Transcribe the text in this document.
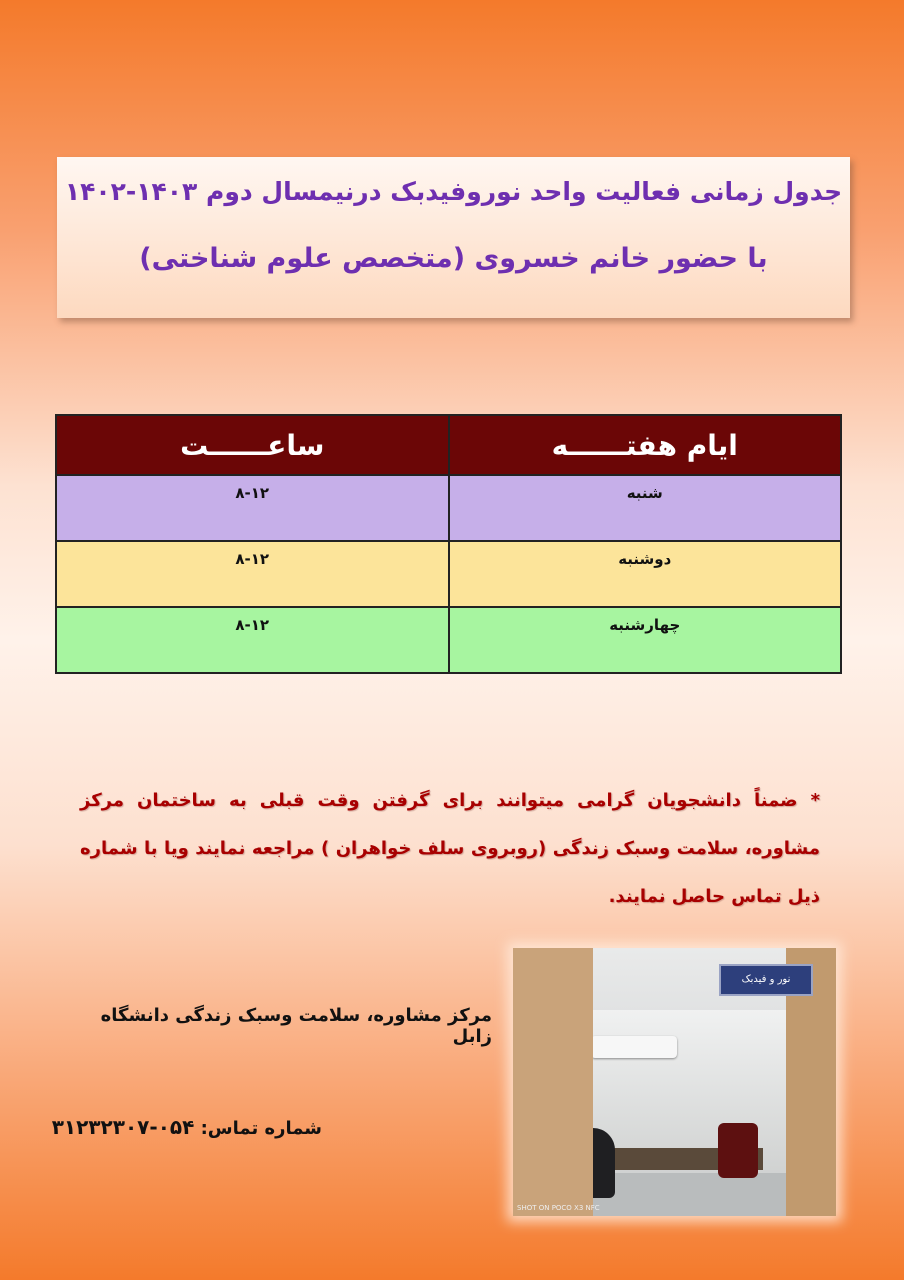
جدول زمانی فعالیت واحد نوروفیدبک درنیمسال دوم ۱۴۰۳-۱۴۰۲
با حضور خانم خسروی (متخصص علوم شناختی)
ایام هفتــــــه	ساعــــــت
شنبه	۸-۱۲
دوشنبه	۸-۱۲
چهارشنبه	۸-۱۲
* ضمناً دانشجویان گرامی میتوانند برای گرفتن وقت قبلی به ساختمان مرکز مشاوره، سلامت وسبک زندگی (روبروی سلف خواهران ) مراجعه نمایند ویا با شماره ذیل تماس حاصل نمایند.
مرکز مشاوره، سلامت وسبک زندگی دانشگاه زابل
شماره تماس: ۰۵۴-۳۱۲۳۲۳۰۷
نور و فیدبک
SHOT ON POCO X3 NFC
